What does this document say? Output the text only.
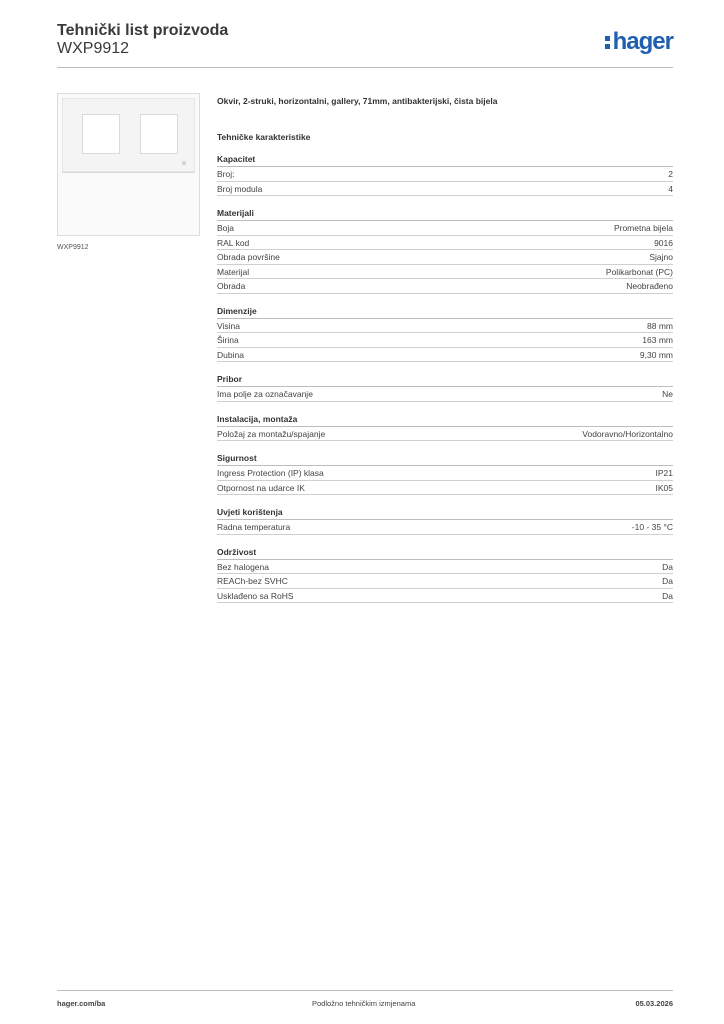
Tehnički list proizvoda
WXP9912	hager
WXP9912
Okvir, 2-struki, horizontalni, gallery, 71mm, antibakterijski, čista bijela
Tehničke karakteristike
Kapacitet
Broj:	2
Broj modula	4
Materijali
Boja	Prometna bijela
RAL kod	9016
Obrada površine	Sjajno
Materijal	Polikarbonat (PC)
Obrada	Neobrađeno
Dimenzije
Visina	88 mm
Širina	163 mm
Dubina	9,30 mm
Pribor
Ima polje za označavanje	Ne
Instalacija, montaža
Položaj za montažu/spajanje	Vodoravno/Horizontalno
Sigurnost
Ingress Protection (IP) klasa	IP21
Otpornost na udarce IK	IK05
Uvjeti korištenja
Radna temperatura	-10 - 35 °C
Održivost
Bez halogena	Da
REACh-bez SVHC	Da
Usklađeno sa RoHS	Da
hager.com/ba	Podložno tehničkim izmjenama	05.03.2026
